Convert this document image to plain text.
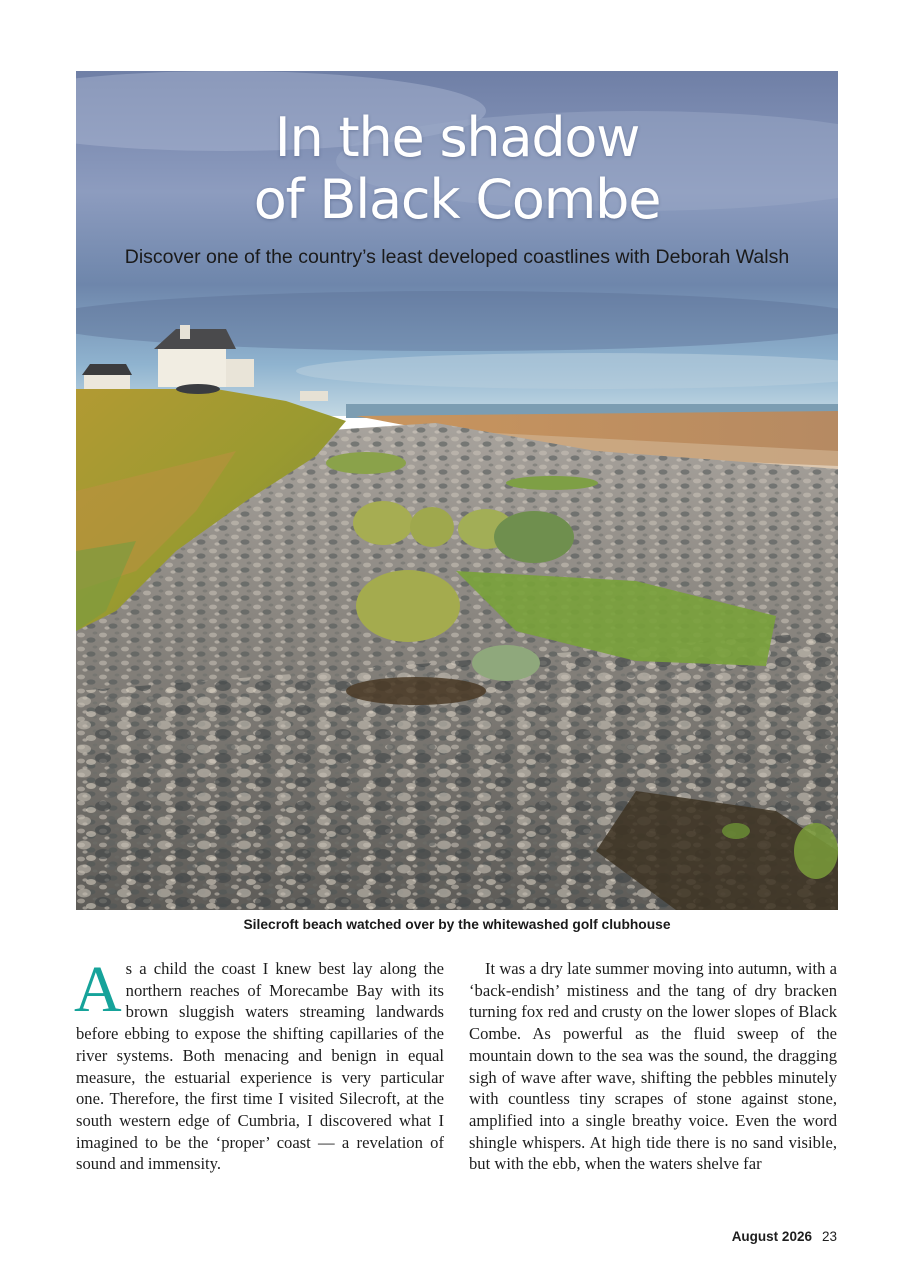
In the shadow
of Black Combe

Discover one of the country’s least developed coastlines with Deborah Walsh

Silecroft beach watched over by the whitewashed golf clubhouse

As a child the coast I knew best lay along the northern reaches of Morecambe Bay with its brown sluggish waters streaming landwards before ebbing to expose the shifting capillaries of the river systems. Both menacing and benign in equal measure, the estuarial experience is very particular one. Therefore, the first time I visited Silecroft, at the south western edge of Cumbria, I discovered what I imagined to be the ‘proper’ coast — a revelation of sound and immensity.

It was a dry late summer moving into autumn, with a ‘back-endish’ mistiness and the tang of dry bracken turning fox red and crusty on the lower slopes of Black Combe. As powerful as the fluid sweep of the mountain down to the sea was the sound, the dragging sigh of wave after wave, shifting the pebbles minutely with countless tiny scrapes of stone against stone, amplified into a single breathy voice. Even the word shingle whispers. At high tide there is no sand visible, but with the ebb, when the waters shelve far

August 2026 23
